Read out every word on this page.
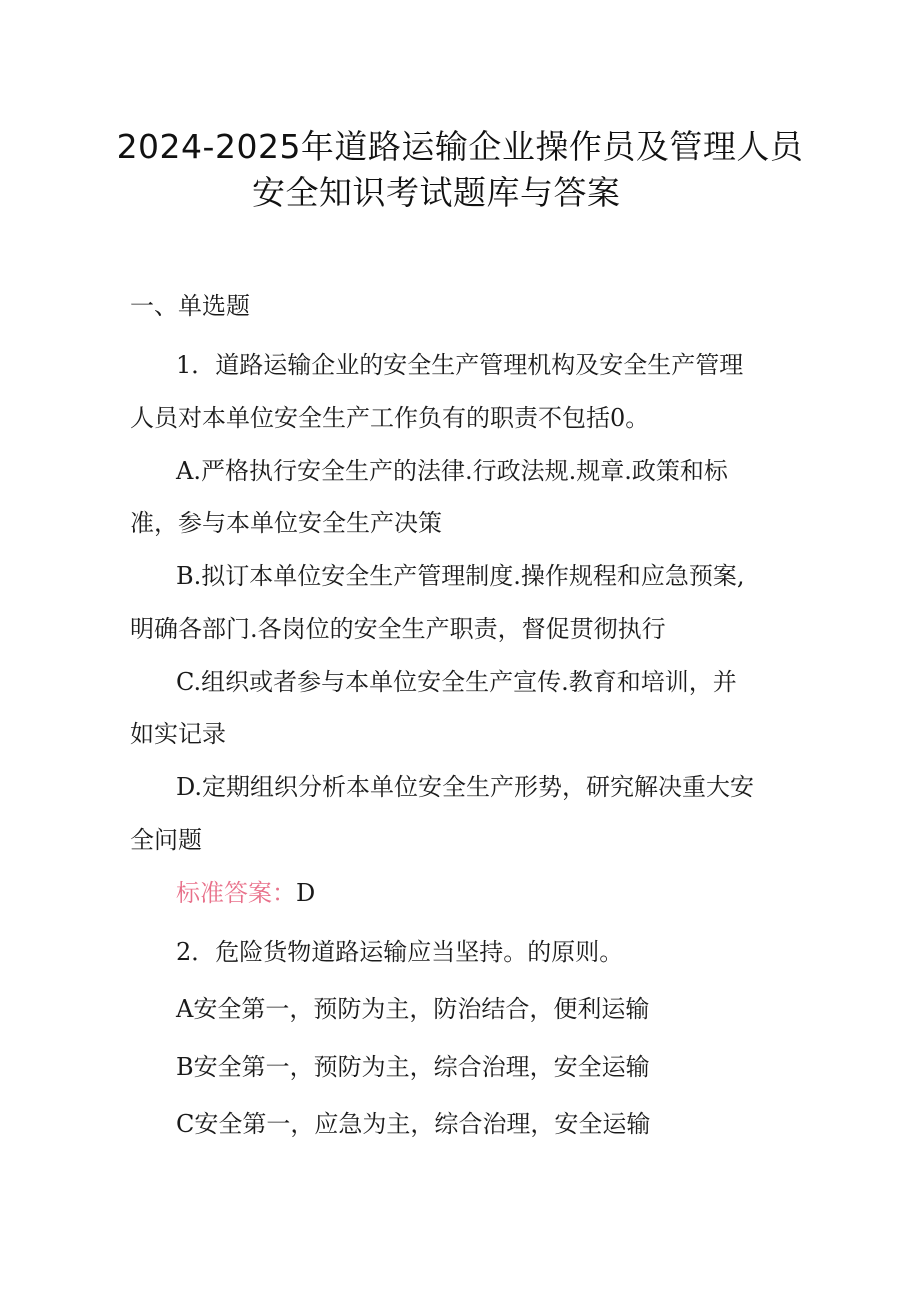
2024-2025年道路运输企业操作员及管理人员
安全知识考试题库与答案
一、单选题
1．道路运输企业的安全生产管理机构及安全生产管理
人员对本单位安全生产工作负有的职责不包括0。
A.严格执行安全生产的法律.行政法规.规章.政策和标
准，参与本单位安全生产决策
B.拟订本单位安全生产管理制度.操作规程和应急预案,
明确各部门.各岗位的安全生产职责，督促贯彻执行
C.组织或者参与本单位安全生产宣传.教育和培训，并
如实记录
D.定期组织分析本单位安全生产形势，研究解决重大安
全问题
标准答案：D
2．危险货物道路运输应当坚持。的原则。
A安全第一，预防为主，防治结合，便利运输
B安全第一，预防为主，综合治理，安全运输
C安全第一，应急为主，综合治理，安全运输
